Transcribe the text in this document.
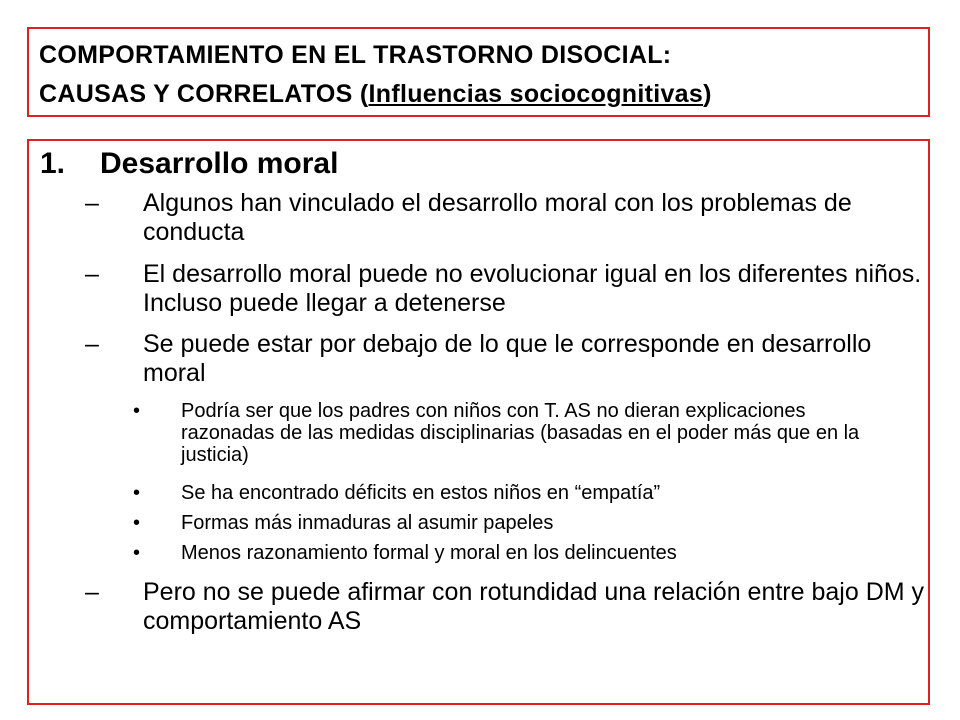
COMPORTAMIENTO EN EL TRASTORNO DISOCIAL:
CAUSAS Y CORRELATOS (Influencias sociocognitivas)
1. Desarrollo moral
– Algunos han vinculado el desarrollo moral con los problemas de conducta
– El desarrollo moral puede no evolucionar igual en los diferentes niños. Incluso puede llegar a detenerse
– Se puede estar por debajo de lo que le corresponde en desarrollo moral
• Podría ser que los padres con niños con T. AS no dieran explicaciones razonadas de las medidas disciplinarias (basadas en el poder más que en la justicia)
• Se ha encontrado déficits en estos niños en “empatía”
• Formas más inmaduras al asumir papeles
• Menos razonamiento formal y moral en los delincuentes
– Pero no se puede afirmar con rotundidad una relación entre bajo DM y comportamiento AS
